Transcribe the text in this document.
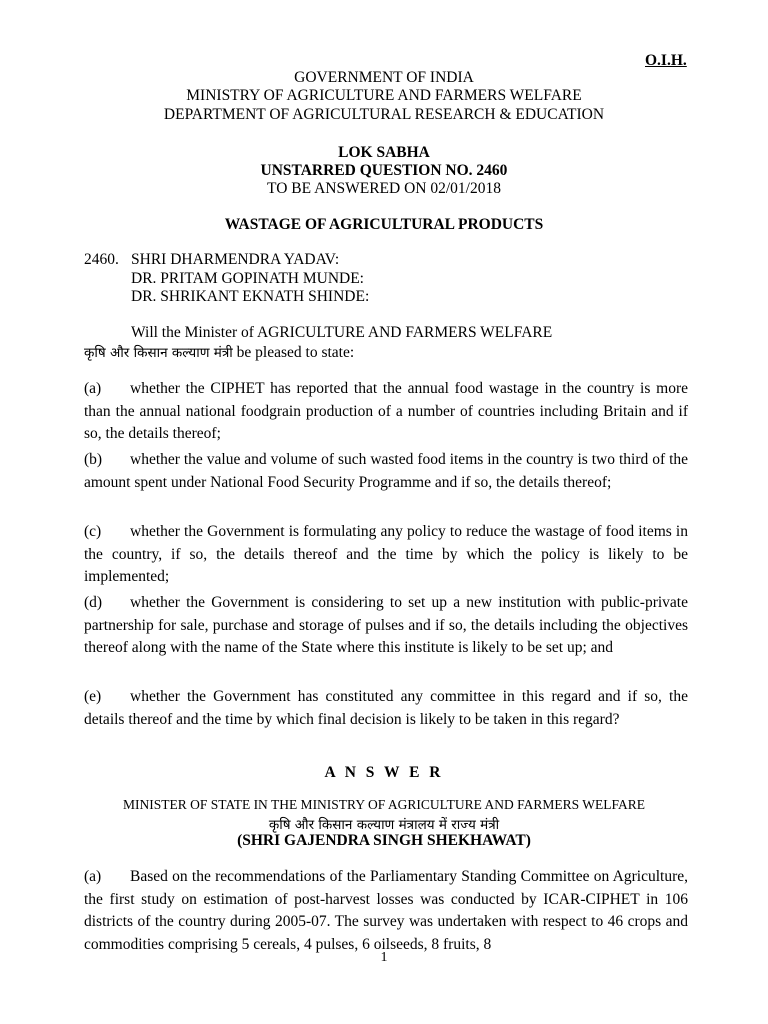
O.I.H.
GOVERNMENT OF INDIA
MINISTRY OF AGRICULTURE AND FARMERS WELFARE
DEPARTMENT OF AGRICULTURAL RESEARCH & EDUCATION
LOK SABHA
UNSTARRED QUESTION NO. 2460
TO BE ANSWERED ON 02/01/2018
WASTAGE OF AGRICULTURAL PRODUCTS
2460. SHRI DHARMENDRA YADAV:
DR. PRITAM GOPINATH MUNDE:
DR. SHRIKANT EKNATH SHINDE:
Will the Minister of AGRICULTURE AND FARMERS WELFARE
कृषि और किसान कल्याण मंत्री be pleased to state:
(a) whether the CIPHET has reported that the annual food wastage in the country is more than the annual national foodgrain production of a number of countries including Britain and if so, the details thereof;
(b) whether the value and volume of such wasted food items in the country is two third of the amount spent under National Food Security Programme and if so, the details thereof;
(c) whether the Government is formulating any policy to reduce the wastage of food items in the country, if so, the details thereof and the time by which the policy is likely to be implemented;
(d) whether the Government is considering to set up a new institution with public-private partnership for sale, purchase and storage of pulses and if so, the details including the objectives thereof along with the name of the State where this institute is likely to be set up; and
(e) whether the Government has constituted any committee in this regard and if so, the details thereof and the time by which final decision is likely to be taken in this regard?
A N S W E R
MINISTER OF STATE IN THE MINISTRY OF AGRICULTURE AND FARMERS WELFARE
कृषि और किसान कल्याण मंत्रालय में राज्य मंत्री
(SHRI GAJENDRA SINGH SHEKHAWAT)
(a) Based on the recommendations of the Parliamentary Standing Committee on Agriculture, the first study on estimation of post-harvest losses was conducted by ICAR-CIPHET in 106 districts of the country during 2005-07. The survey was undertaken with respect to 46 crops and commodities comprising 5 cereals, 4 pulses, 6 oilseeds, 8 fruits, 8
1
